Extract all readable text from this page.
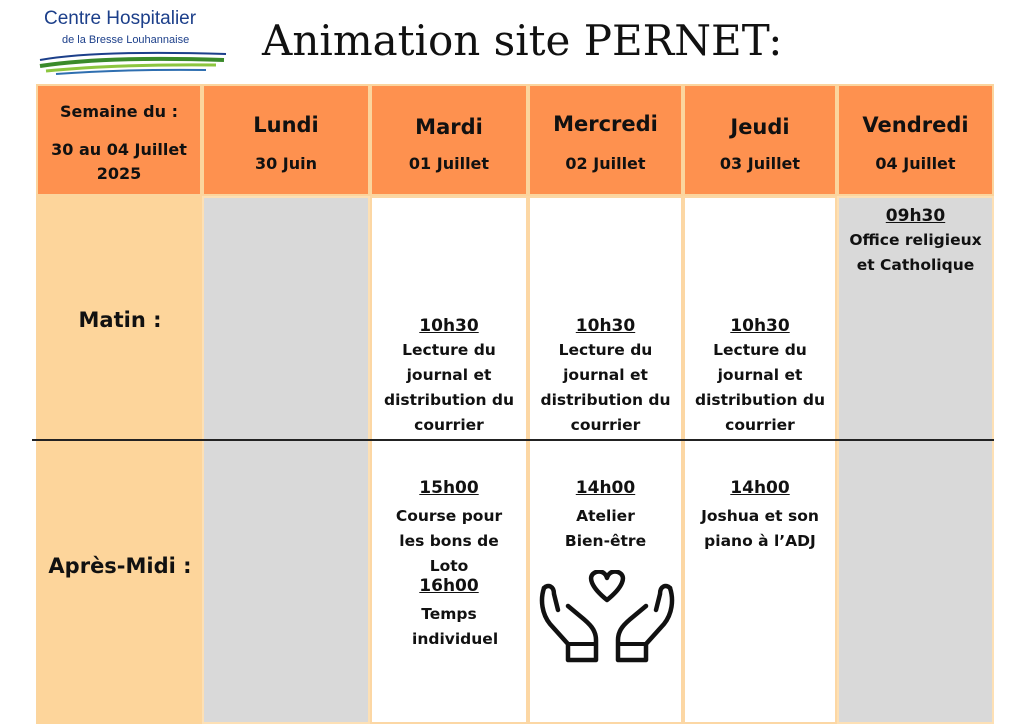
Centre Hospitalier
de la Bresse Louhannaise Animation site PERNET:
Semaine du :
30 au 04 Juillet 2025
Lundi
30 Juin
Mardi
01 Juillet
Mercredi
02 Juillet
Jeudi
03 Juillet
Vendredi
04 Juillet
Matin :
Après-Midi :
10h30
Lecture du journal et distribution du courrier
15h00
Course pour les bons de Loto
16h00
Temps individuel
10h30
Lecture du journal et distribution du courrier
14h00
Atelier Bien-être
10h30
Lecture du journal et distribution du courrier
14h00
Joshua et son piano à l’ADJ
09h30
Office religieux et Catholique
